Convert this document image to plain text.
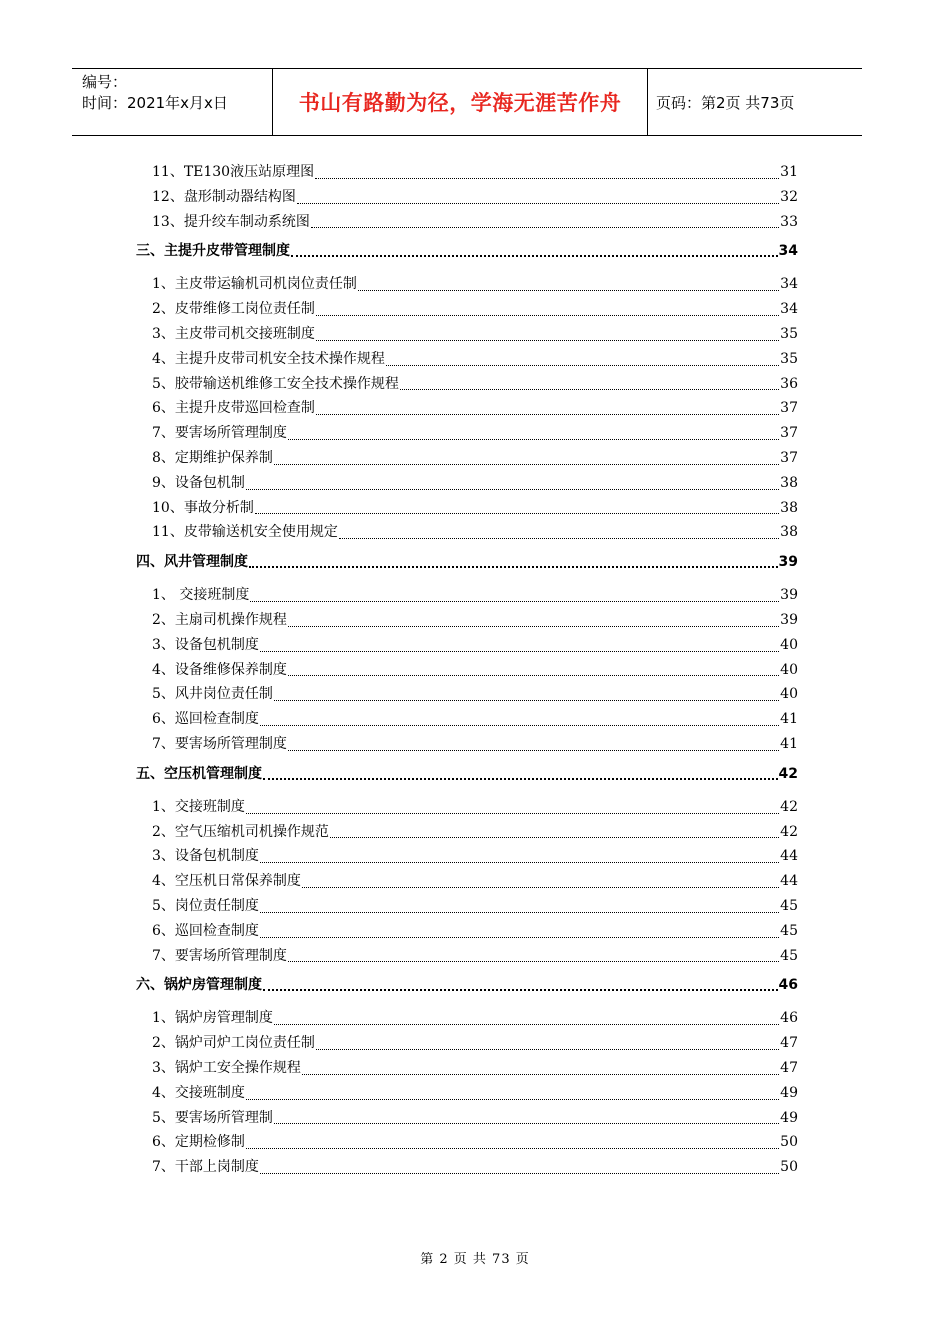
编号：
时间：2021年x月x日	书山有路勤为径，学海无涯苦作舟	页码：第2页 共73页
11、TE130液压站原理图	31
12、盘形制动器结构图	32
13、提升绞车制动系统图	33
三、主提升皮带管理制度	34
1、主皮带运输机司机岗位责任制	34
2、皮带维修工岗位责任制	34
3、主皮带司机交接班制度	35
4、主提升皮带司机安全技术操作规程	35
5、胶带输送机维修工安全技术操作规程	36
6、主提升皮带巡回检查制	37
7、要害场所管理制度	37
8、定期维护保养制	37
9、设备包机制	38
10、事故分析制	38
11、皮带输送机安全使用规定	38
四、风井管理制度	39
1、 交接班制度	39
2、主扇司机操作规程	39
3、设备包机制度	40
4、设备维修保养制度	40
5、风井岗位责任制	40
6、巡回检查制度	41
7、要害场所管理制度	41
五、空压机管理制度	42
1、交接班制度	42
2、空气压缩机司机操作规范	42
3、设备包机制度	44
4、空压机日常保养制度	44
5、岗位责任制度	45
6、巡回检查制度	45
7、要害场所管理制度	45
六、锅炉房管理制度	46
1、锅炉房管理制度	46
2、锅炉司炉工岗位责任制	47
3、锅炉工安全操作规程	47
4、交接班制度	49
5、要害场所管理制	49
6、定期检修制	50
7、干部上岗制度	50
第 2 页 共 73 页
